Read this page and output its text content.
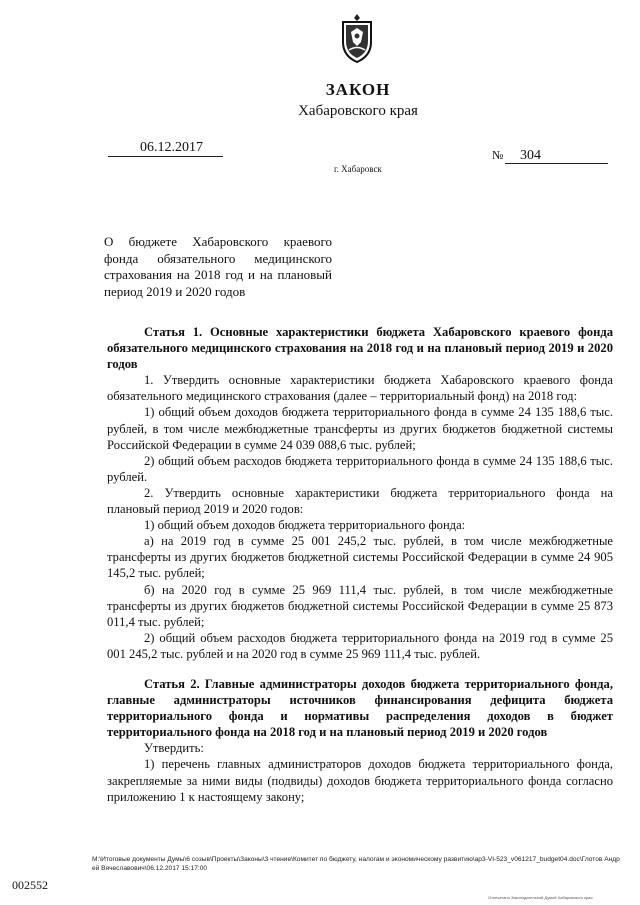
ЗАКОН
Хабаровского края
06.12.2017
г. Хабаровск
№ 304
О бюджете Хабаровского краевого фонда обязательного медицинского страхования на 2018 год и на плановый период 2019 и 2020 годов

Статья 1. Основные характеристики бюджета Хабаровского краевого фонда обязательного медицинского страхования на 2018 год и на плановый период 2019 и 2020 годов

1. Утвердить основные характеристики бюджета Хабаровского краевого фонда обязательного медицинского страхования (далее – территориальный фонд) на 2018 год:

1) общий объем доходов бюджета территориального фонда в сумме 24 135 188,6 тыс. рублей, в том числе межбюджетные трансферты из других бюджетов бюджетной системы Российской Федерации в сумме 24 039 088,6 тыс. рублей;

2) общий объем расходов бюджета территориального фонда в сумме 24 135 188,6 тыс. рублей.

2. Утвердить основные характеристики бюджета территориального фонда на плановый период 2019 и 2020 годов:

1) общий объем доходов бюджета территориального фонда:

а) на 2019 год в сумме 25 001 245,2 тыс. рублей, в том числе межбюджетные трансферты из других бюджетов бюджетной системы Российской Федерации в сумме 24 905 145,2 тыс. рублей;

б) на 2020 год в сумме 25 969 111,4 тыс. рублей, в том числе межбюджетные трансферты из других бюджетов бюджетной системы Российской Федерации в сумме 25 873 011,4 тыс. рублей;

2) общий объем расходов бюджета территориального фонда на 2019 год в сумме 25 001 245,2 тыс. рублей и на 2020 год в сумме 25 969 111,4 тыс. рублей.

Статья 2. Главные администраторы доходов бюджета территориального фонда, главные администраторы источников финансирования дефицита бюджета территориального фонда и нормативы распределения доходов в бюджет территориального фонда на 2018 год и на плановый период 2019 и 2020 годов

Утвердить:

1) перечень главных администраторов доходов бюджета территориального фонда, закрепляемые за ними виды (подвиды) доходов бюджета территориального фонда согласно приложению 1 к настоящему закону;

M:\Итоговые документы Думы\6 созыв\Проекты\Законы\3 чтение\Комитет по бюджету, налогам и экономическому развитию\ap3-VI-523_v061217_budget04.doc\Глотов Андрей Вячеславович\06.12.2017 15:17:00
002552
Отпечатано Законодательной Думой Хабаровского края
